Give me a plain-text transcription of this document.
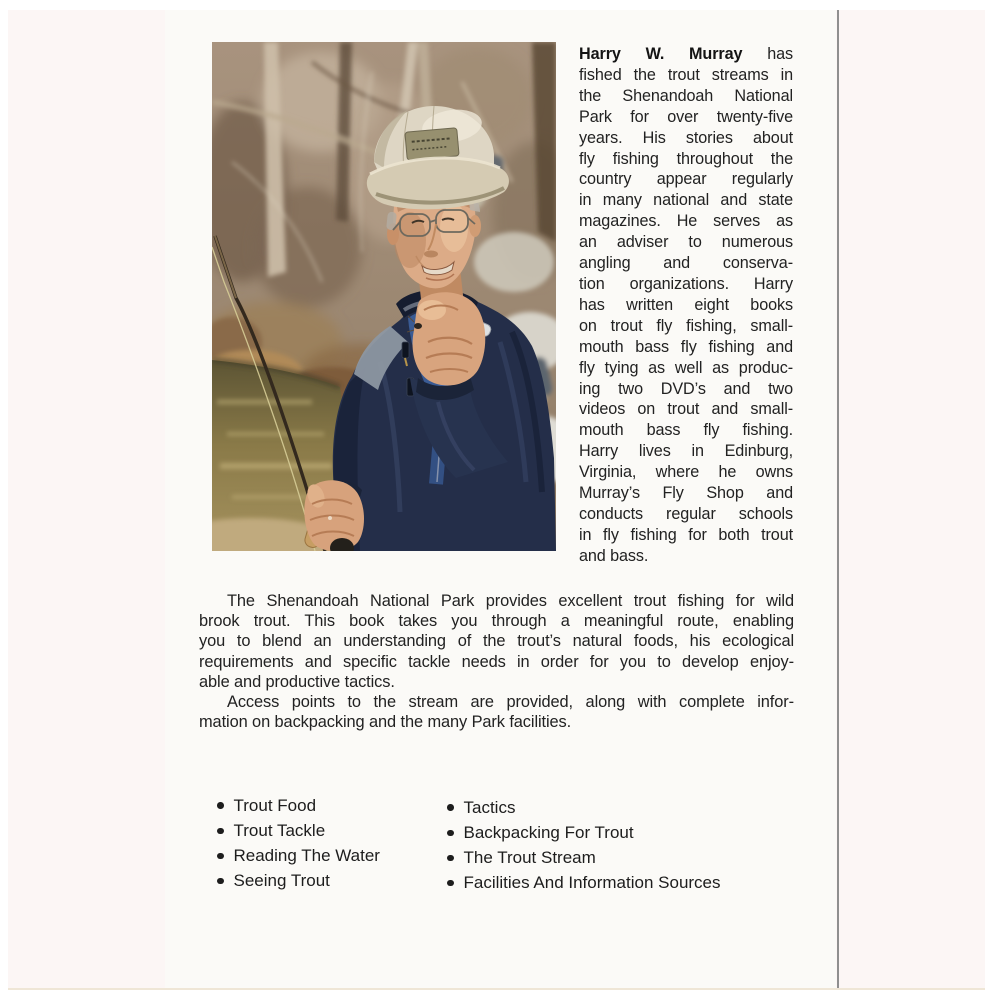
Harry W. Murray has
fished the trout streams in
the Shenandoah National
Park for over twenty-five
years. His stories about
fly fishing throughout the
country appear regularly
in many national and state
magazines. He serves as
an adviser to numerous
angling and conserva-
tion organizations. Harry
has written eight books
on trout fly fishing, small-
mouth bass fly fishing and
fly tying as well as produc-
ing two DVD’s and two
videos on trout and small-
mouth bass fly fishing.
Harry lives in Edinburg,
Virginia, where he owns
Murray’s Fly Shop and
conducts regular schools
in fly fishing for both trout
and bass.
The Shenandoah National Park provides excellent trout fishing for wild
brook trout. This book takes you through a meaningful route, enabling
you to blend an understanding of the trout’s natural foods, his ecological
requirements and specific tackle needs in order for you to develop enjoy-
able and productive tactics.
Access points to the stream are provided, along with complete infor-
mation on backpacking and the many Park facilities.
Trout Food
Trout Tackle
Reading The Water
Seeing Trout
Tactics
Backpacking For Trout
The Trout Stream
Facilities And Information Sources
